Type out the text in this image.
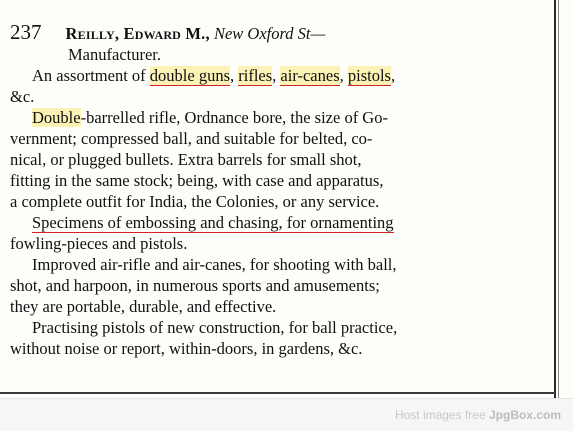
237 Reilly, Edward M., New Oxford St—
Manufacturer.
An assortment of double guns, rifles, air-canes, pistols,
&c.
Double-barrelled rifle, Ordnance bore, the size of Go-
vernment; compressed ball, and suitable for belted, co-
nical, or plugged bullets. Extra barrels for small shot,
fitting in the same stock; being, with case and apparatus,
a complete outfit for India, the Colonies, or any service.
Specimens of embossing and chasing, for ornamenting
fowling-pieces and pistols.
Improved air-rifle and air-canes, for shooting with ball,
shot, and harpoon, in numerous sports and amusements;
they are portable, durable, and effective.
Practising pistols of new construction, for ball practice,
without noise or report, within-doors, in gardens, &c.
Host images free JpgBox.com
